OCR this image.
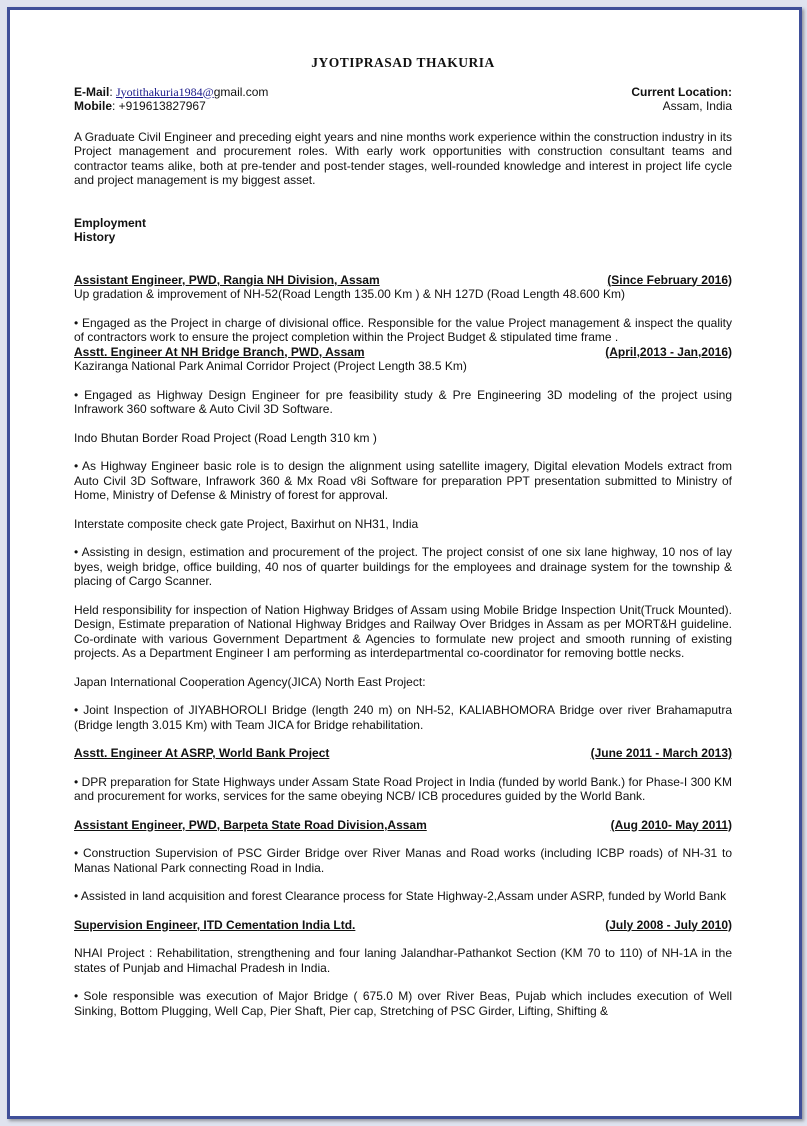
JYOTIPRASAD THAKURIA
E-Mail: Jyotithakuria1984@gmail.com
Mobile: +919613827967
Current Location:
Assam, India

A Graduate Civil Engineer and preceding eight years and nine months work experience within the construction industry in its Project management and procurement roles. With early work opportunities with construction consultant teams and contractor teams alike, both at pre-tender and post-tender stages, well-rounded knowledge and interest in project life cycle and project management is my biggest asset.

Employment History
Assistant Engineer, PWD, Rangia NH Division, Assam	(Since February 2016)

Up gradation & improvement of NH-52(Road Length 135.00 Km ) & NH 127D (Road Length 48.600 Km)

• Engaged as the Project in charge of divisional office. Responsible for the value Project management & inspect the quality of contractors work to ensure the project completion within the Project Budget & stipulated time frame .

Asstt. Engineer At NH Bridge Branch, PWD, Assam	(April,2013 - Jan,2016)

Kaziranga National Park Animal Corridor Project (Project Length 38.5 Km)

• Engaged as Highway Design Engineer for pre feasibility study & Pre Engineering 3D modeling of the project using Infrawork 360 software & Auto Civil 3D Software.

Indo Bhutan Border Road Project (Road Length 310 km )

• As Highway Engineer basic role is to design the alignment using satellite imagery, Digital elevation Models extract from Auto Civil 3D Software, Infrawork 360 & Mx Road v8i Software for preparation PPT presentation submitted to Ministry of Home, Ministry of Defense & Ministry of forest for approval.

Interstate composite check gate Project, Baxirhut on NH31, India

• Assisting in design, estimation and procurement of the project. The project consist of one six lane highway, 10 nos of lay byes, weigh bridge, office building, 40 nos of quarter buildings for the employees and drainage system for the township & placing of Cargo Scanner.

Held responsibility for inspection of Nation Highway Bridges of Assam using Mobile Bridge Inspection Unit(Truck Mounted). Design, Estimate preparation of National Highway Bridges and Railway Over Bridges in Assam as per MORT&H guideline. Co-ordinate with various Government Department & Agencies to formulate new project and smooth running of existing projects. As a Department Engineer I am performing as interdepartmental co-coordinator for removing bottle necks.

Japan International Cooperation Agency(JICA) North East Project:

• Joint Inspection of JIYABHOROLI Bridge (length 240 m) on NH-52, KALIABHOMORA Bridge over river Brahamaputra (Bridge length 3.015 Km) with Team JICA for Bridge rehabilitation.

Asstt. Engineer At ASRP, World Bank Project	(June 2011 - March 2013)

• DPR preparation for State Highways under Assam State Road Project in India (funded by world Bank.) for Phase-I 300 KM and procurement for works, services for the same obeying NCB/ ICB procedures guided by the World Bank.

Assistant Engineer, PWD, Barpeta State Road Division,Assam	(Aug 2010- May 2011)

• Construction Supervision of PSC Girder Bridge over River Manas and Road works (including ICBP roads) of NH-31 to Manas National Park connecting Road in India.

• Assisted in land acquisition and forest Clearance process for State Highway-2,Assam under ASRP, funded by World Bank

Supervision Engineer, ITD Cementation India Ltd.	(July 2008 - July 2010)

NHAI Project : Rehabilitation, strengthening and four laning Jalandhar-Pathankot Section (KM 70 to 110) of NH-1A in the states of Punjab and Himachal Pradesh in India.

• Sole responsible was execution of Major Bridge ( 675.0 M) over River Beas, Pujab which includes execution of Well Sinking, Bottom Plugging, Well Cap, Pier Shaft, Pier cap, Stretching of PSC Girder, Lifting, Shifting &
